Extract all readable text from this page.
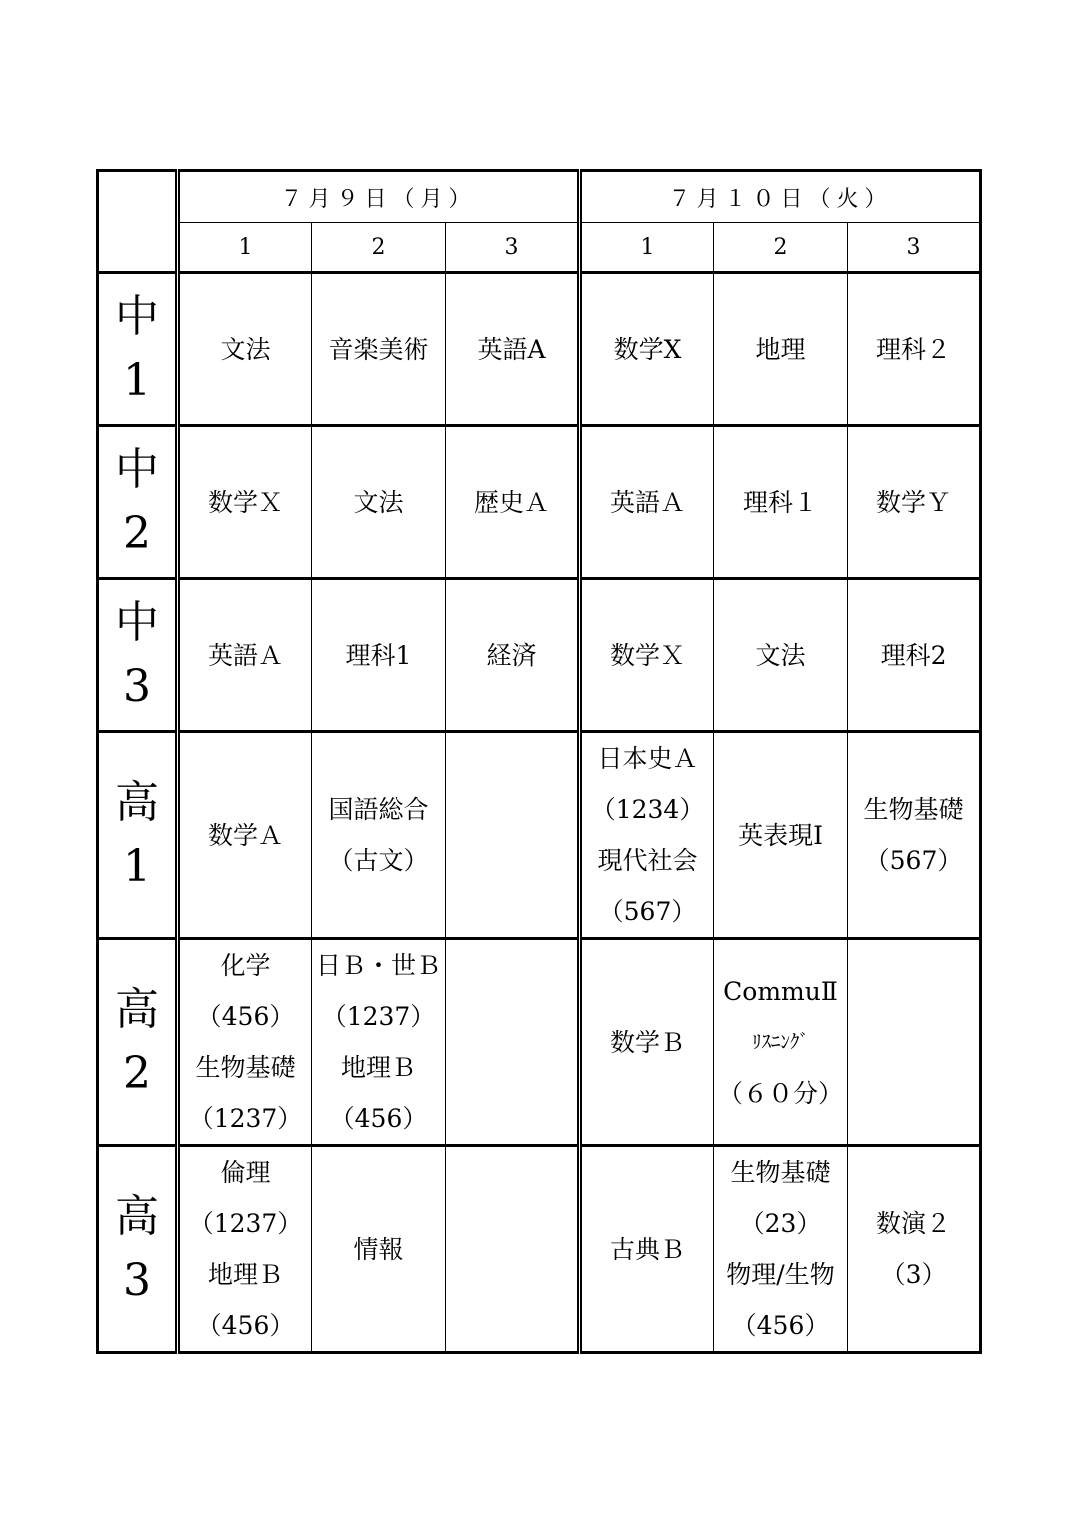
	７月９日（月）			７月１０日（火）		
	1	2	3	1	2	3

中
1	文法	音楽美術	英語A	数学X	地理	理科２

中
2	数学Ｘ	文法	歴史Ａ	英語Ａ	理科１	数学Ｙ

中
3	英語Ａ	理科1	経済	数学Ｘ	文法	理科2

高
1	数学Ａ	国語総合
（古文）		日本史Ａ
（1234）
現代社会
（567）	英表現Ⅰ	生物基礎
（567）

高
2	化学
（456）
生物基礎
（1237）	日Ｂ・世Ｂ
（1237）
地理Ｂ
（456）		数学Ｂ	CommuⅡ
ﾘｽﾆﾝｸﾞ
（６０分）	

高
3	倫理
（1237）
地理Ｂ
（456）	情報		古典Ｂ	生物基礎
（23）
物理/生物
（456）	数演２
（3）
